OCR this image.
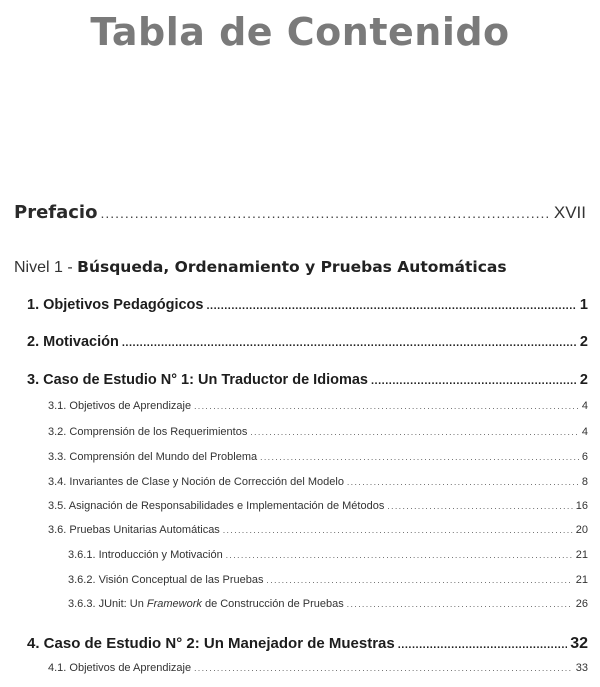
Tabla de Contenido
Prefacio .....	XVII
Nivel 1 - Búsqueda, Ordenamiento y Pruebas Automáticas
1. Objetivos Pedagógicos .....	1
2. Motivación .....	2
3. Caso de Estudio N° 1: Un Traductor de Idiomas .....	2
3.1. Objetivos de Aprendizaje .....	4
3.2. Comprensión de los Requerimientos .....	4
3.3. Comprensión del Mundo del Problema .....	6
3.4. Invariantes de Clase y Noción de Corrección del Modelo .....	8
3.5. Asignación de Responsabilidades e Implementación de Métodos .....	16
3.6. Pruebas Unitarias Automáticas .....	20
3.6.1. Introducción y Motivación .....	21
3.6.2. Visión Conceptual de las Pruebas .....	21
3.6.3. JUnit: Un Framework de Construcción de Pruebas .....	26
4. Caso de Estudio N° 2: Un Manejador de Muestras .....	32
4.1. Objetivos de Aprendizaje .....	33
